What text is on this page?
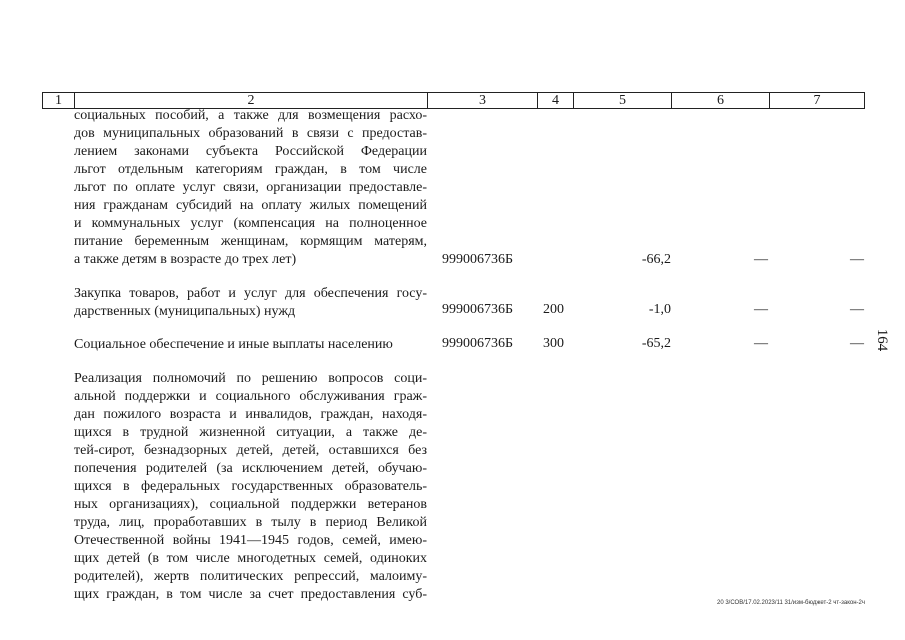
1	2	3	4	5	6	7
социальных пособий, а также для возмещения расхо-
дов муниципальных образований в связи с предостав-
лением законами субъекта Российской Федерации
льгот отдельным категориям граждан, в том числе
льгот по оплате услуг связи, организации предоставле-
ния гражданам субсидий на оплату жилых помещений
и коммунальных услуг (компенсация на полноценное
питание беременным женщинам, кормящим матерям,
а также детям в возрасте до трех лет)	999006736Б	-66,2	—	—
Закупка товаров, работ и услуг для обеспечения госу-
дарственных (муниципальных) нужд	999006736Б 200	-1,0	—	—
Социальное обеспечение и иные выплаты населению	999006736Б 300	-65,2	—	—
Реализация полномочий по решению вопросов соци-
альной поддержки и социального обслуживания граж-
дан пожилого возраста и инвалидов, граждан, находя-
щихся в трудной жизненной ситуации, а также де-
тей-сирот, безнадзорных детей, детей, оставшихся без
попечения родителей (за исключением детей, обучаю-
щихся в федеральных государственных образователь-
ных организациях), социальной поддержки ветеранов
труда, лиц, проработавших в тылу в период Великой
Отечественной войны 1941—1945 годов, семей, имею-
щих детей (в том числе многодетных семей, одиноких
родителей), жертв политических репрессий, малоиму-
щих граждан, в том числе за счет предоставления суб-
164
20 3/СОВ/17.02.2023/11 31/изм-бюджет-2 чт-закон-2ч
